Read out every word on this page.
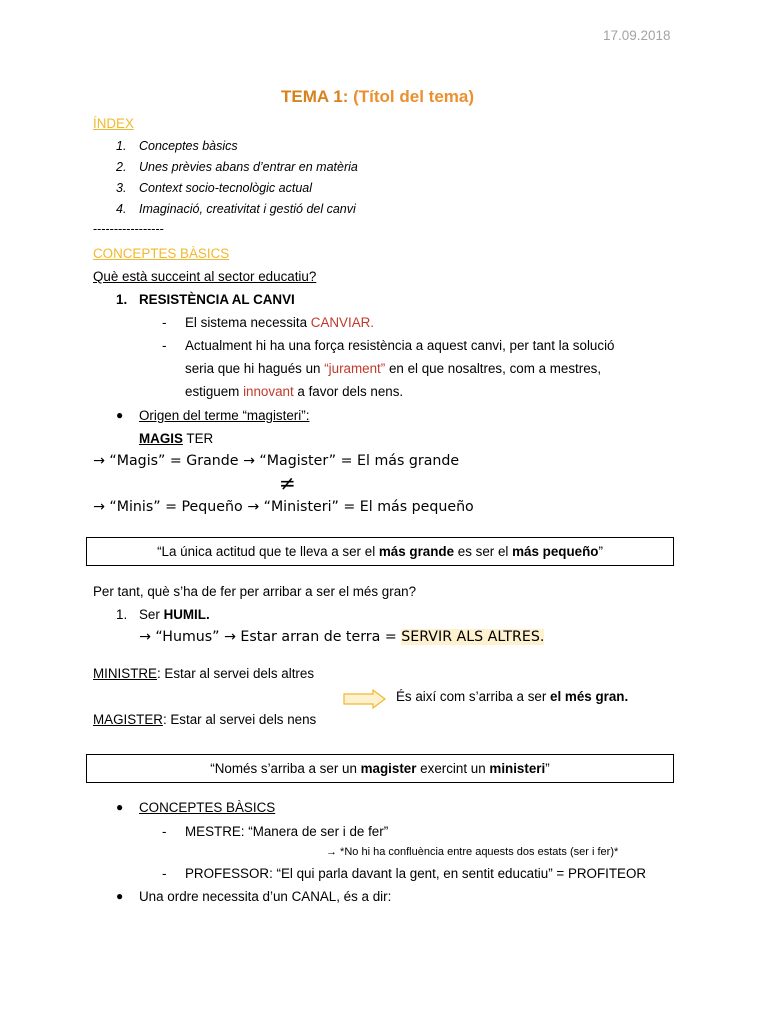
17.09.2018
TEMA 1: (Títol del tema)
ÍNDEX
1. Conceptes bàsics
2. Unes prèvies abans d’entrar en matèria
3. Context socio-tecnològic actual
4. Imaginació, creativitat i gestió del canvi
-----------------
CONCEPTES BÀSICS
Què està succeint al sector educatiu?
1. RESISTÈNCIA AL CANVI
- El sistema necessita CANVIAR.
- Actualment hi ha una força resistència a aquest canvi, per tant la solució
seria que hi hagués un “jurament” en el que nosaltres, com a mestres,
estiguem innovant a favor dels nens.
● Origen del terme “magisteri”:
MAGIS TER
→ “Magis” = Grande → “Magister” = El más grande
≠
→ “Minis” = Pequeño → “Ministeri” = El más pequeño
“La única actitud que te lleva a ser el más grande es ser el más pequeño”
Per tant, què s’ha de fer per arribar a ser el més gran?
1. Ser HUMIL.
→ “Humus” → Estar arran de terra = SERVIR ALS ALTRES.
MINISTRE: Estar al servei dels altres
És així com s’arriba a ser el més gran.
MAGISTER: Estar al servei dels nens
“Només s’arriba a ser un magister exercint un ministeri”
● CONCEPTES BÀSICS
- MESTRE: “Manera de ser i de fer”
→ *No hi ha confluència entre aquests dos estats (ser i fer)*
- PROFESSOR: “El qui parla davant la gent, en sentit educatiu” = PROFITEOR
● Una ordre necessita d’un CANAL, és a dir:
